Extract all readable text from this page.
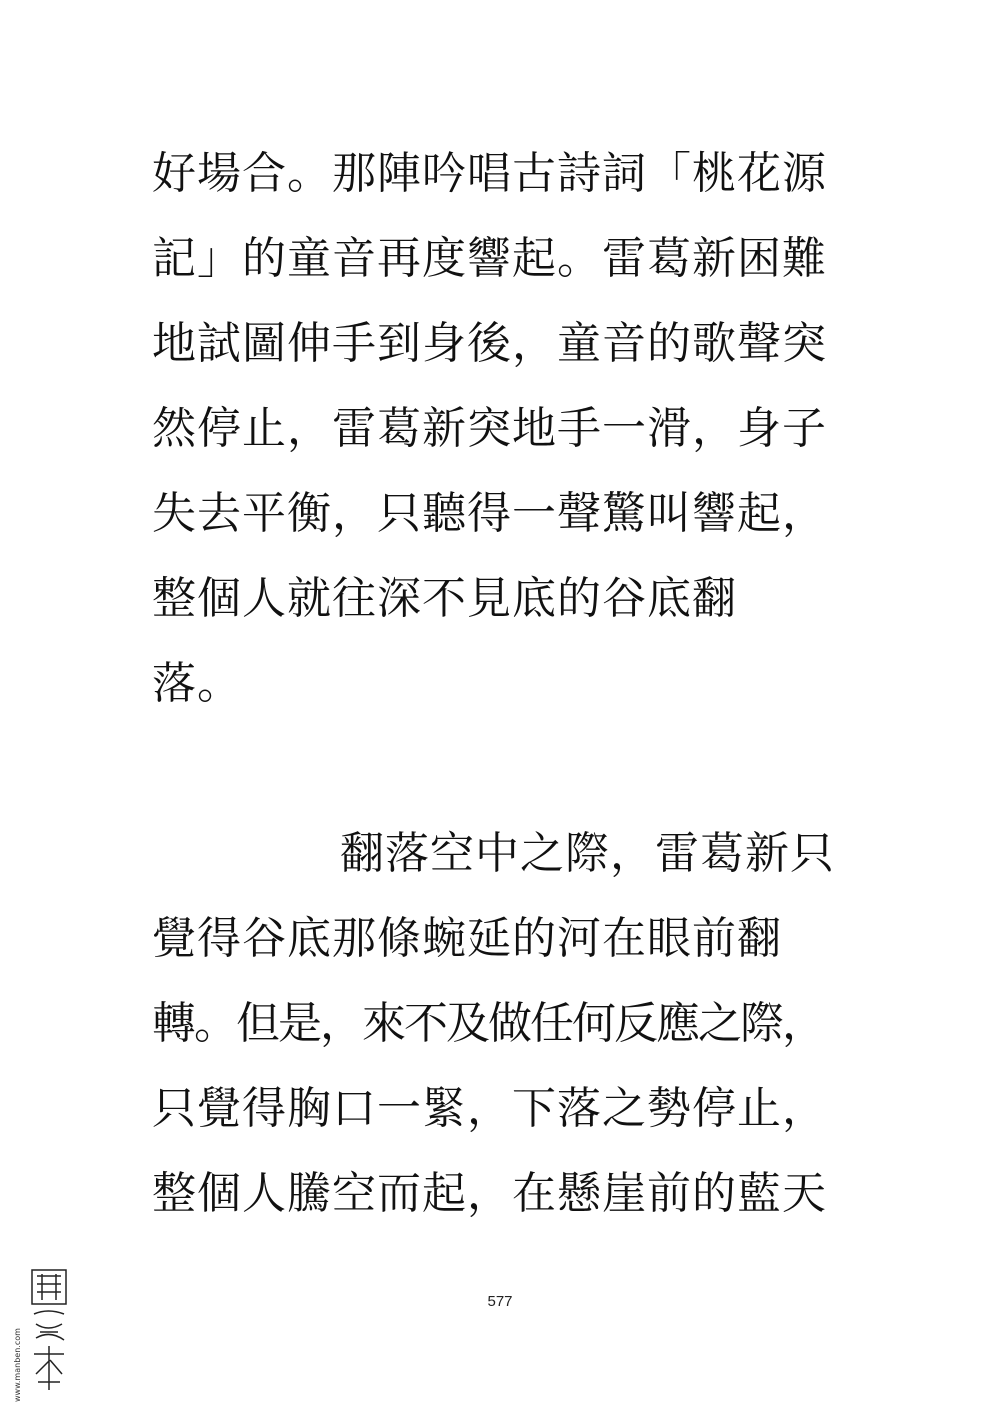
好場合。那陣吟唱古詩詞「桃花源
記」的童音再度響起。雷葛新困難
地試圖伸手到身後，童音的歌聲突
然停止，雷葛新突地手一滑，身子
失去平衡，只聽得一聲驚叫響起，
整個人就往深不見底的谷底翻
落。
翻落空中之際，雷葛新只
覺得谷底那條蜿延的河在眼前翻
轉。但是，來不及做任何反應之際，
只覺得胸口一緊，下落之勢停止，
整個人騰空而起，在懸崖前的藍天
577
www.manben.com
